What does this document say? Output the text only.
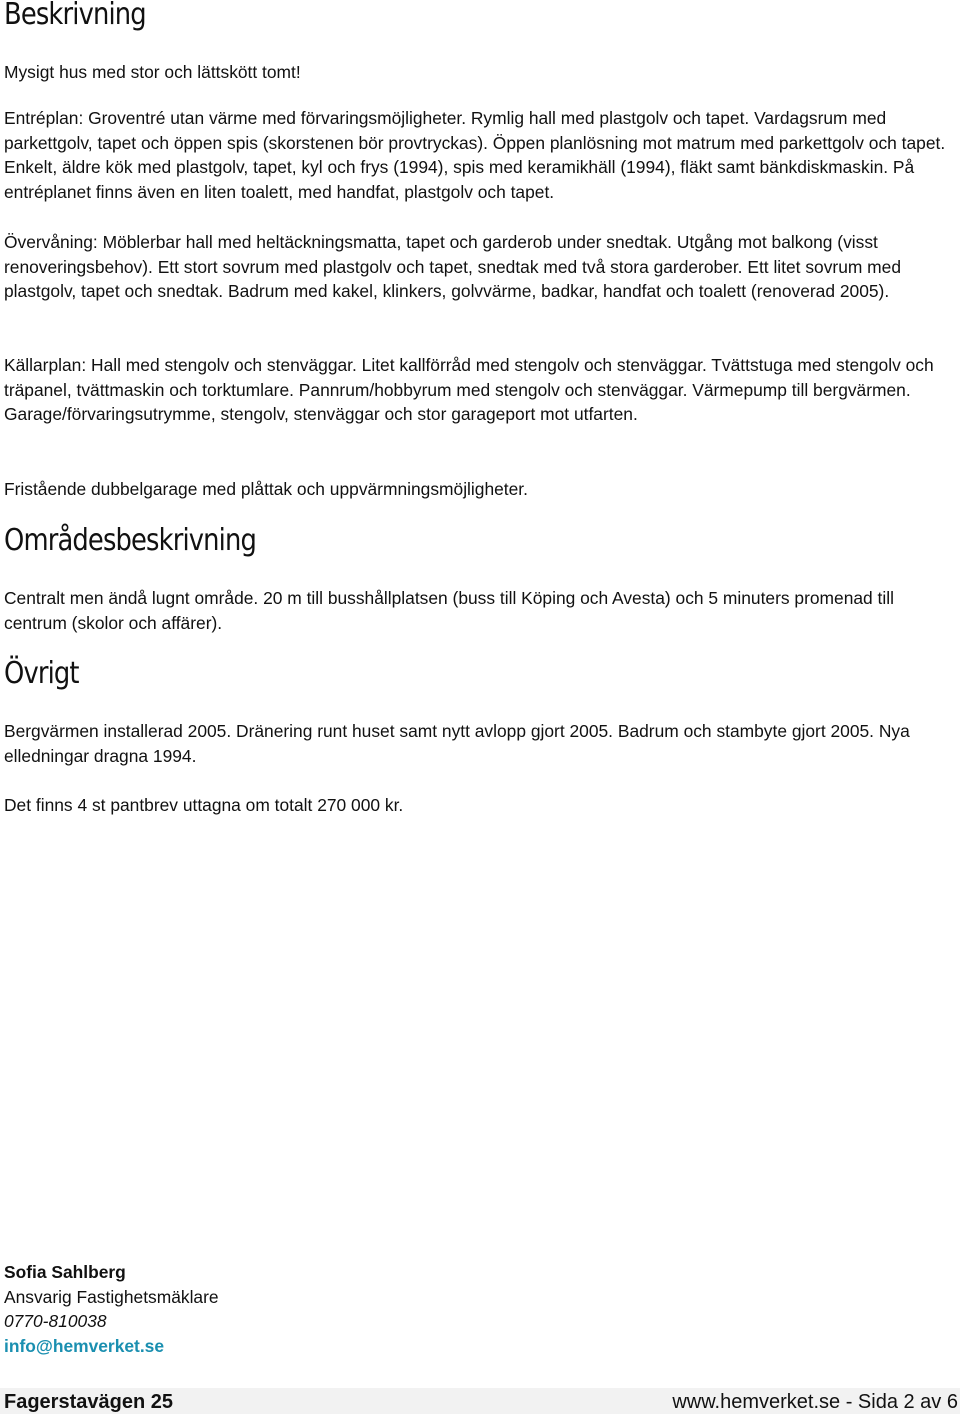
Beskrivning

Mysigt hus med stor och lättskött tomt!

Entréplan: Groventré utan värme med förvaringsmöjligheter. Rymlig hall med plastgolv och tapet. Vardagsrum med parkettgolv, tapet och öppen spis (skorstenen bör provtryckas). Öppen planlösning mot matrum med parkettgolv och tapet. Enkelt, äldre kök med plastgolv, tapet, kyl och frys (1994), spis med keramikhäll (1994), fläkt samt bänkdiskmaskin. På entréplanet finns även en liten toalett, med handfat, plastgolv och tapet.

Övervåning: Möblerbar hall med heltäckningsmatta, tapet och garderob under snedtak. Utgång mot balkong (visst renoveringsbehov). Ett stort sovrum med plastgolv och tapet, snedtak med två stora garderober. Ett litet sovrum med plastgolv, tapet och snedtak. Badrum med kakel, klinkers, golvvärme, badkar, handfat och toalett (renoverad 2005).

Källarplan: Hall med stengolv och stenväggar. Litet kallförråd med stengolv och stenväggar. Tvättstuga med stengolv och träpanel, tvättmaskin och torktumlare. Pannrum/hobbyrum med stengolv och stenväggar. Värmepump till bergvärmen. Garage/förvaringsutrymme, stengolv, stenväggar och stor garageport mot utfarten.

Fristående dubbelgarage med plåttak och uppvärmningsmöjligheter.

Områdesbeskrivning

Centralt men ändå lugnt område. 20 m till busshållplatsen (buss till Köping och Avesta) och 5 minuters promenad till centrum (skolor och affärer).

Övrigt

Bergvärmen installerad 2005. Dränering runt huset samt nytt avlopp gjort 2005. Badrum och stambyte gjort 2005. Nya elledningar dragna 1994.

Det finns 4 st pantbrev uttagna om totalt 270 000 kr.

Sofia Sahlberg
Ansvarig Fastighetsmäklare
0770-810038
info@hemverket.se
Fagerstavägen 25	www.hemverket.se - Sida 2 av 6
